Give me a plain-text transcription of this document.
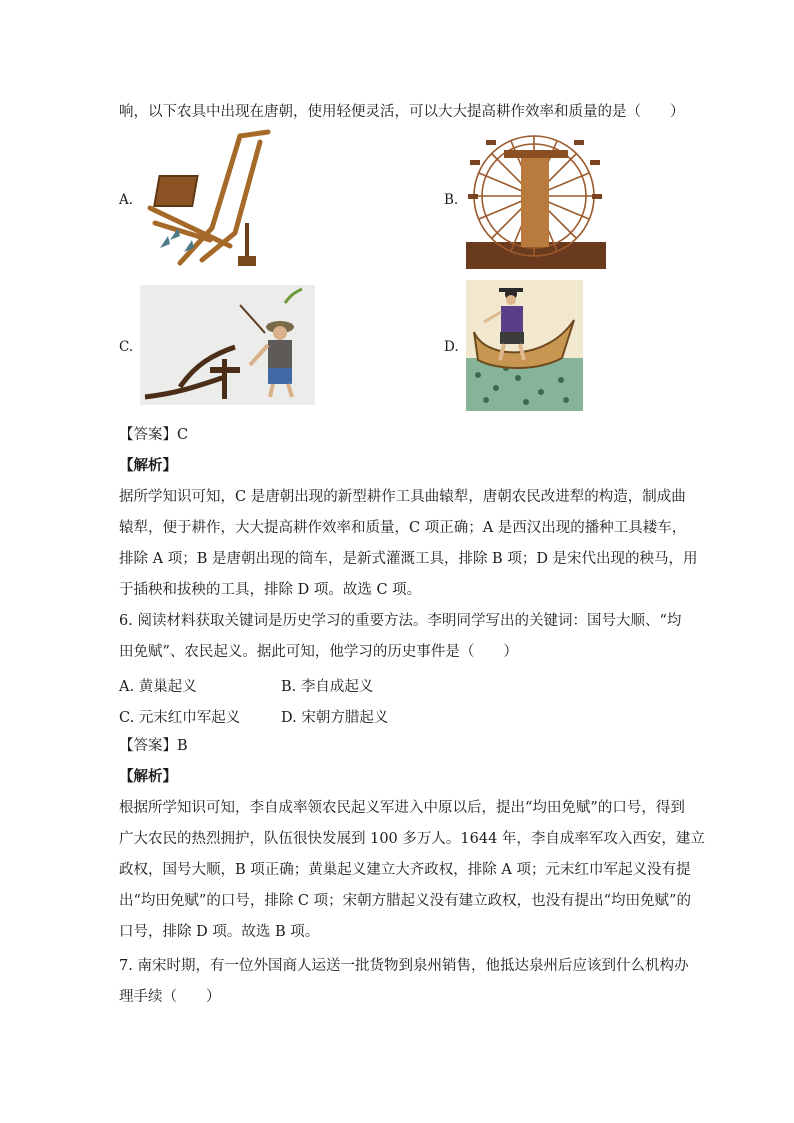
响，以下农具中出现在唐朝，使用轻便灵活，可以大大提高耕作效率和质量的是（　　）
A.	B.
C.	D.
【答案】C
【解析】
据所学知识可知，C 是唐朝出现的新型耕作工具曲辕犁，唐朝农民改进犁的构造，制成曲
辕犁，便于耕作，大大提高耕作效率和质量，C 项正确；A 是西汉出现的播种工具耧车，
排除 A 项；B 是唐朝出现的筒车，是新式灌溉工具，排除 B 项；D 是宋代出现的秧马，用
于插秧和拔秧的工具，排除 D 项。故选 C 项。
6. 阅读材料获取关键词是历史学习的重要方法。李明同学写出的关键词：国号大顺、“均
田免赋”、农民起义。据此可知，他学习的历史事件是（　　）
A. 黄巢起义	B. 李自成起义
C. 元末红巾军起义	D. 宋朝方腊起义
【答案】B
【解析】
根据所学知识可知，李自成率领农民起义军进入中原以后，提出“均田免赋”的口号，得到
广大农民的热烈拥护，队伍很快发展到 100 多万人。1644 年，李自成率军攻入西安，建立
政权，国号大顺，B 项正确；黄巢起义建立大齐政权，排除 A 项；元末红巾军起义没有提
出“均田免赋”的口号，排除 C 项；宋朝方腊起义没有建立政权，也没有提出“均田免赋”的
口号，排除 D 项。故选 B 项。
7. 南宋时期，有一位外国商人运送一批货物到泉州销售，他抵达泉州后应该到什么机构办
理手续（　　）
